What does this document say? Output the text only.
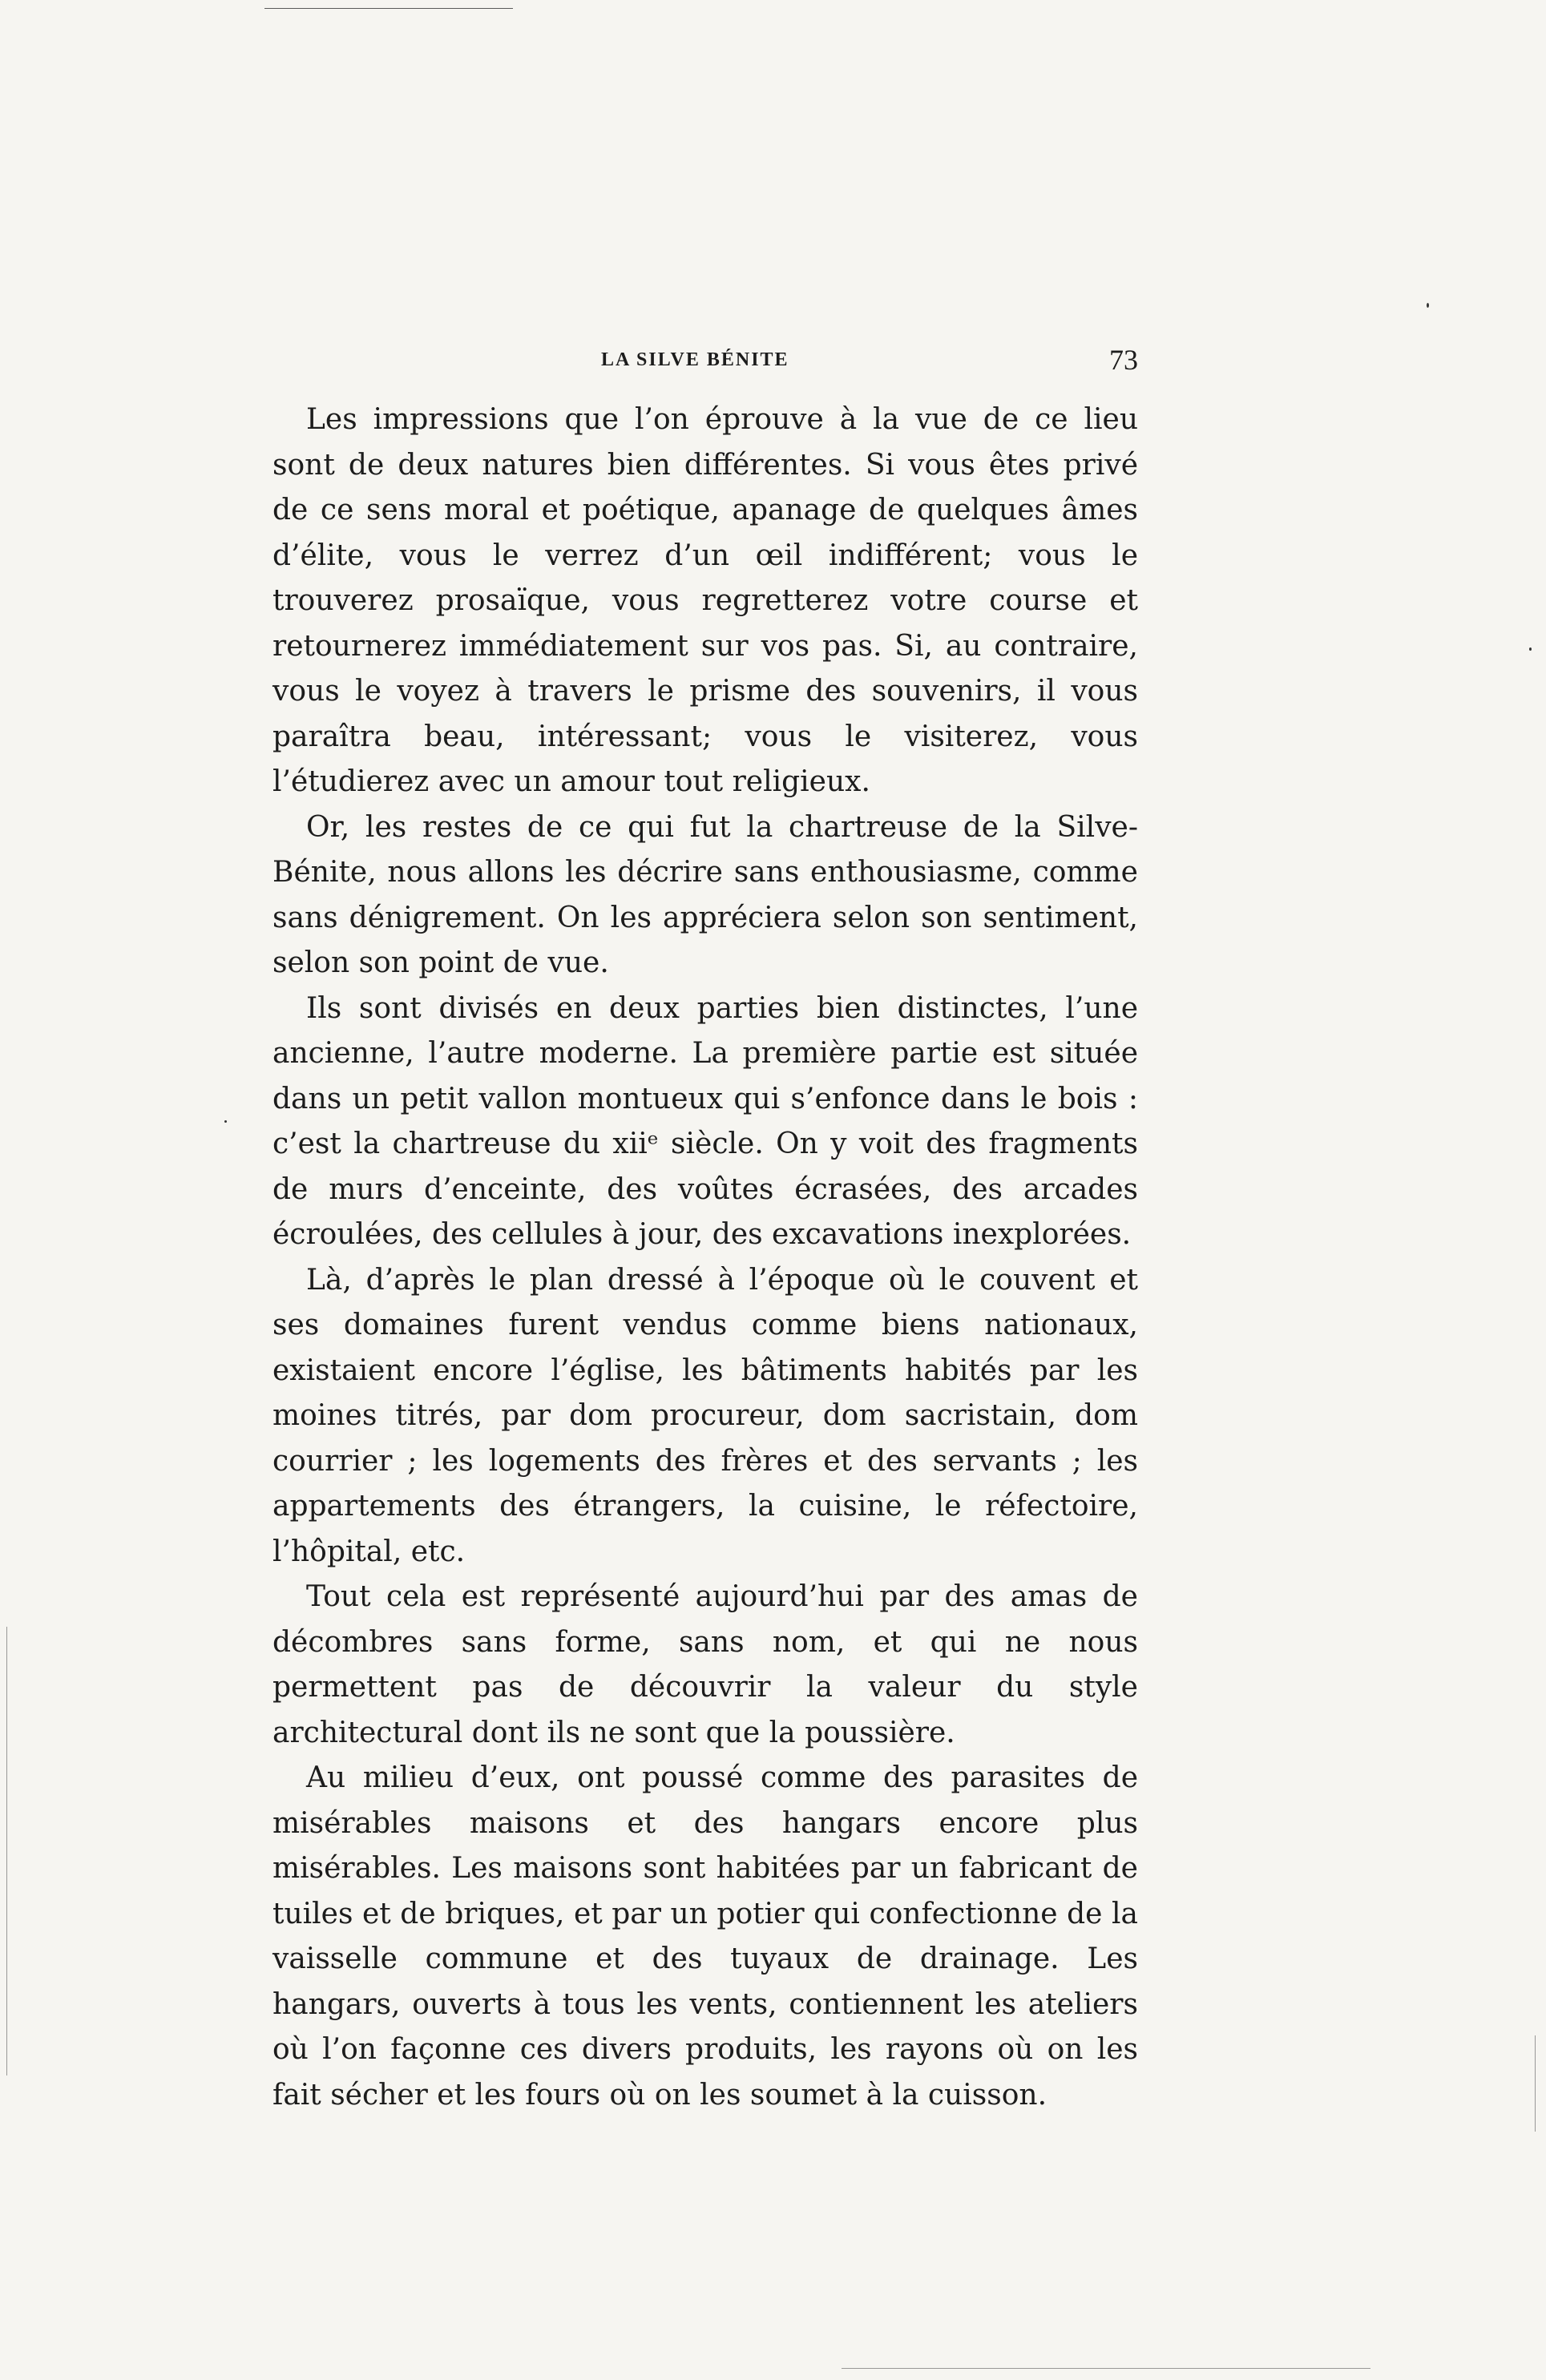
LA SILVE BÉNITE	73

Les impressions que l’on éprouve à la vue de ce lieu sont de deux natures bien différentes. Si vous êtes privé de ce sens moral et poétique, apanage de quelques âmes d’élite, vous le verrez d’un œil indifférent; vous le trouverez prosaïque, vous regretterez votre course et retournerez immédiatement sur vos pas. Si, au contraire, vous le voyez à travers le prisme des souvenirs, il vous paraîtra beau, intéressant; vous le visiterez, vous l’étudierez avec un amour tout religieux.

Or, les restes de ce qui fut la chartreuse de la Silve-Bénite, nous allons les décrire sans enthousiasme, comme sans dénigrement. On les appréciera selon son sentiment, selon son point de vue.

Ils sont divisés en deux parties bien distinctes, l’une ancienne, l’autre moderne. La première partie est située dans un petit vallon montueux qui s’enfonce dans le bois : c’est la chartreuse du xiiᵉ siècle. On y voit des fragments de murs d’enceinte, des voûtes écrasées, des arcades écroulées, des cellules à jour, des excavations inexplorées.

Là, d’après le plan dressé à l’époque où le couvent et ses domaines furent vendus comme biens nationaux, existaient encore l’église, les bâtiments habités par les moines titrés, par dom procureur, dom sacristain, dom courrier ; les logements des frères et des servants ; les appartements des étrangers, la cuisine, le réfectoire, l’hôpital, etc.

Tout cela est représenté aujourd’hui par des amas de décombres sans forme, sans nom, et qui ne nous permettent pas de découvrir la valeur du style architectural dont ils ne sont que la poussière.

Au milieu d’eux, ont poussé comme des parasites de misérables maisons et des hangars encore plus misérables. Les maisons sont habitées par un fabricant de tuiles et de briques, et par un potier qui confectionne de la vaisselle commune et des tuyaux de drainage. Les hangars, ouverts à tous les vents, contiennent les ateliers où l’on façonne ces divers produits, les rayons où on les fait sécher et les fours où on les soumet à la cuisson.
